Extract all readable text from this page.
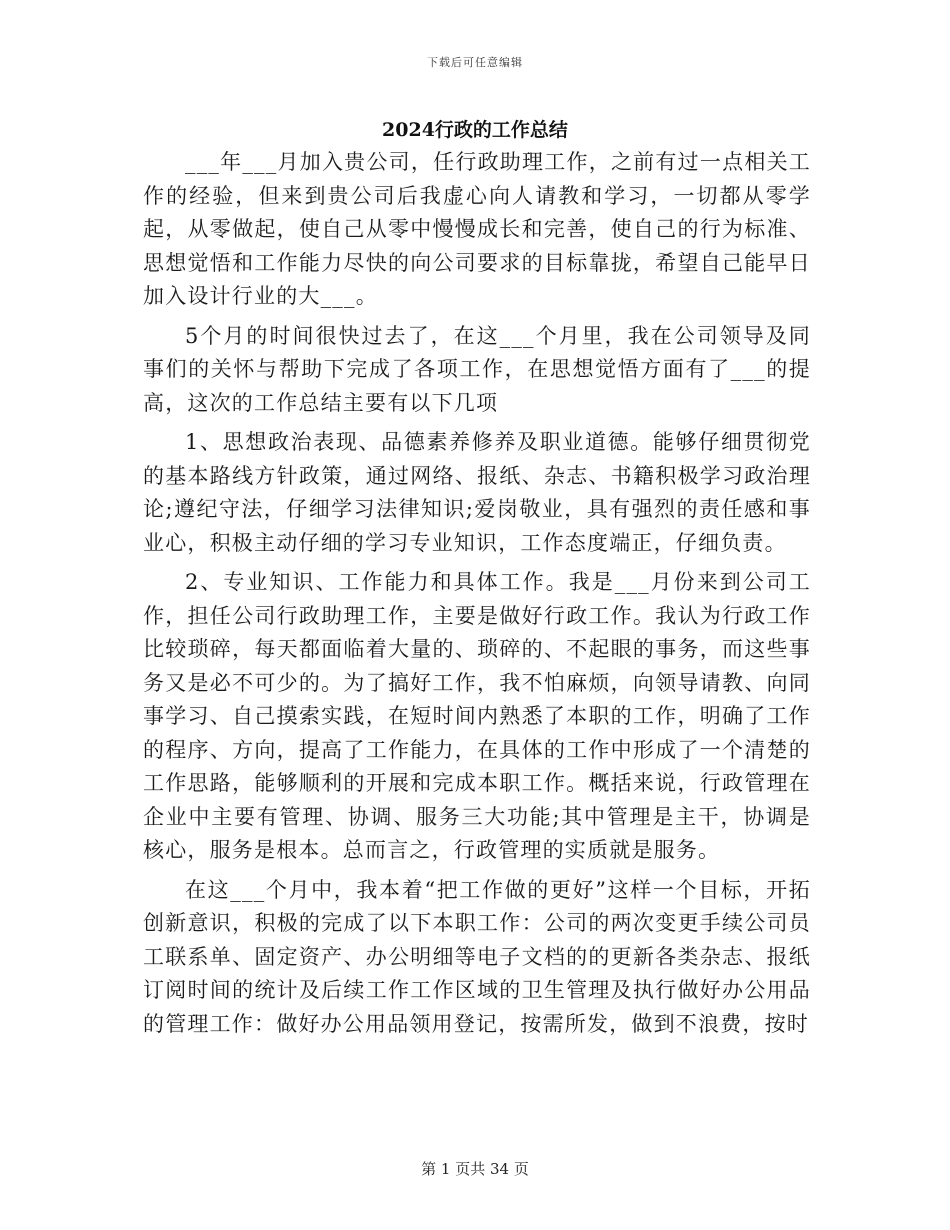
下载后可任意编辑
2024行政的工作总结

___年___月加入贵公司，任行政助理工作，之前有过一点相关工作的经验，但来到贵公司后我虚心向人请教和学习，一切都从零学起，从零做起，使自己从零中慢慢成长和完善，使自己的行为标准、思想觉悟和工作能力尽快的向公司要求的目标靠拢，希望自己能早日加入设计行业的大___。

5个月的时间很快过去了，在这___个月里，我在公司领导及同事们的关怀与帮助下完成了各项工作，在思想觉悟方面有了___的提高，这次的工作总结主要有以下几项

1、思想政治表现、品德素养修养及职业道德。能够仔细贯彻党的基本路线方针政策，通过网络、报纸、杂志、书籍积极学习政治理论;遵纪守法，仔细学习法律知识;爱岗敬业，具有强烈的责任感和事业心，积极主动仔细的学习专业知识，工作态度端正，仔细负责。

2、专业知识、工作能力和具体工作。我是___月份来到公司工作，担任公司行政助理工作，主要是做好行政工作。我认为行政工作比较琐碎，每天都面临着大量的、琐碎的、不起眼的事务，而这些事务又是必不可少的。为了搞好工作，我不怕麻烦，向领导请教、向同事学习、自己摸索实践，在短时间内熟悉了本职的工作，明确了工作的程序、方向，提高了工作能力，在具体的工作中形成了一个清楚的工作思路，能够顺利的开展和完成本职工作。概括来说，行政管理在企业中主要有管理、协调、服务三大功能;其中管理是主干，协调是核心，服务是根本。总而言之，行政管理的实质就是服务。

在这___个月中，我本着“把工作做的更好”这样一个目标，开拓创新意识，积极的完成了以下本职工作：公司的两次变更手续公司员工联系单、固定资产、办公明细等电子文档的的更新各类杂志、报纸订阅时间的统计及后续工作工作区域的卫生管理及执行做好办公用品的管理工作：做好办公用品领用登记，按需所发，做到不浪费，按时

第 1 页共 34 页
